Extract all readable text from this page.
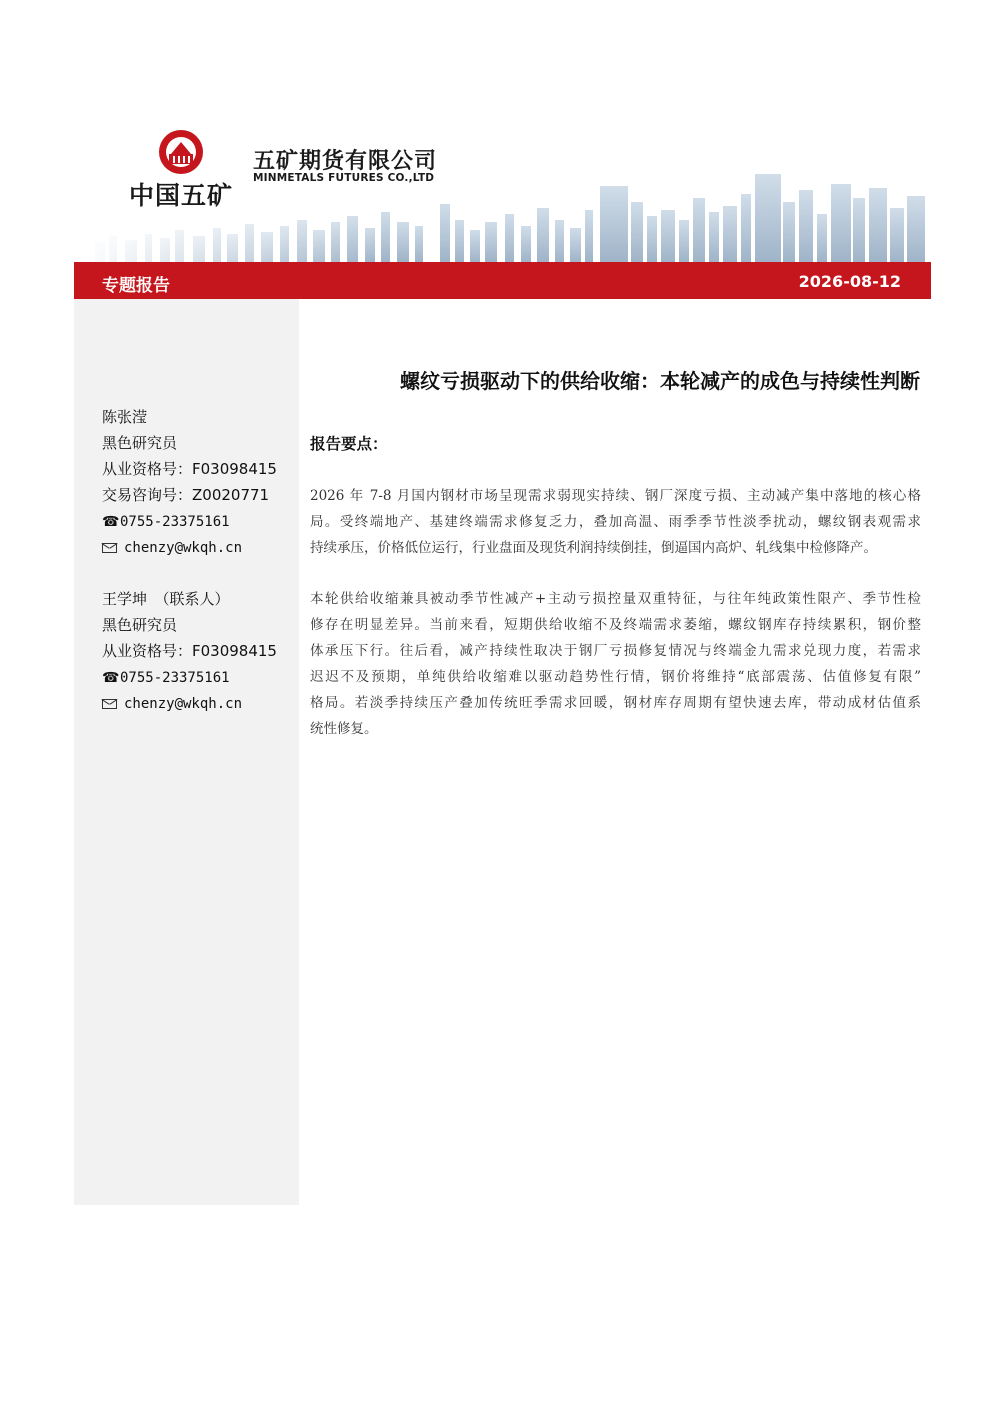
中国五矿
五矿期货有限公司
MINMETALS FUTURES CO.,LTD
专题报告	2026-08-12
陈张滢
黑色研究员
从业资格号：F03098415
交易咨询号：Z0020771
☎0755-23375161
chenzy@wkqh.cn
王学坤　（联系人）
黑色研究员
从业资格号：F03098415
☎0755-23375161
chenzy@wkqh.cn
螺纹亏损驱动下的供给收缩：本轮减产的成色与持续性判断
报告要点：
2026 年 7-8 月国内钢材市场呈现需求弱现实持续、钢厂深度亏损、主动减产集中落地的核心格
局。受终端地产、基建终端需求修复乏力，叠加高温、雨季季节性淡季扰动，螺纹钢表观需求
持续承压，价格低位运行，行业盘面及现货利润持续倒挂，倒逼国内高炉、轧线集中检修降产。
本轮供给收缩兼具被动季节性减产+主动亏损控量双重特征，与往年纯政策性限产、季节性检
修存在明显差异。当前来看，短期供给收缩不及终端需求萎缩，螺纹钢库存持续累积，钢价整
体承压下行。往后看，减产持续性取决于钢厂亏损修复情况与终端金九需求兑现力度，若需求
迟迟不及预期，单纯供给收缩难以驱动趋势性行情，钢价将维持“底部震荡、估值修复有限”
格局。若淡季持续压产叠加传统旺季需求回暖，钢材库存周期有望快速去库，带动成材估值系
统性修复。
